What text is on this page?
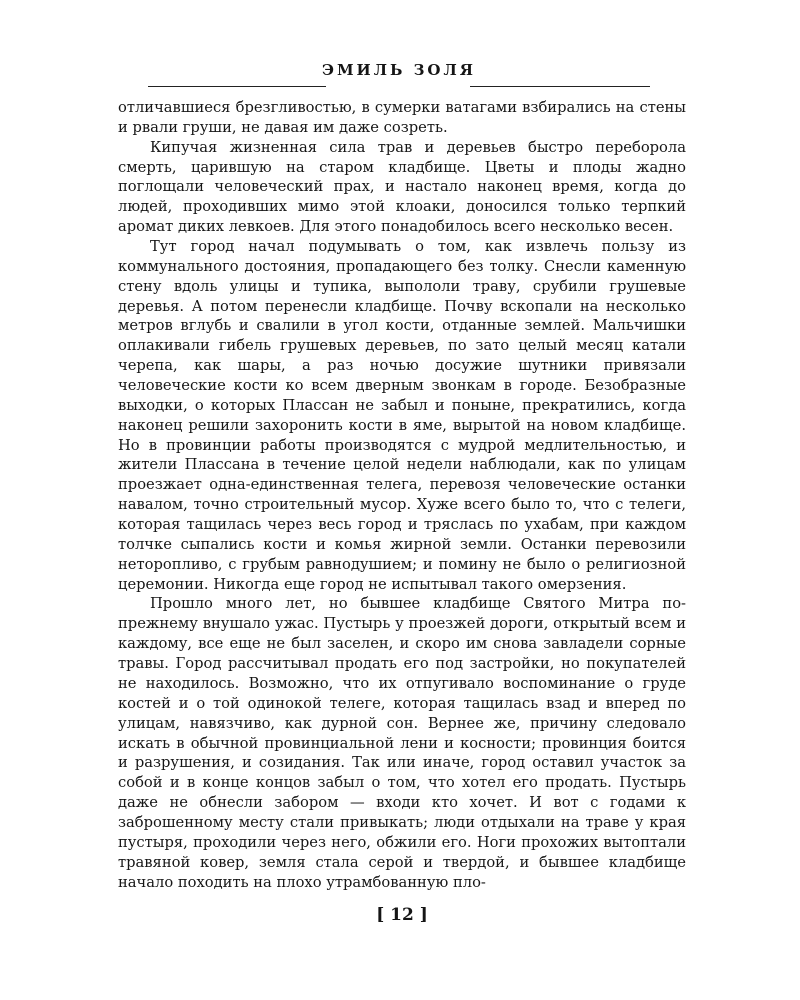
ЭМИЛЬ ЗОЛЯ

отличавшиеся брезгливостью, в сумерки ватагами взбирались на стены и рвали груши, не давая им даже созреть.

Кипучая жизненная сила трав и деревьев быстро переборола смерть, царившую на старом кладбище. Цветы и плоды жадно поглощали человеческий прах, и настало наконец время, когда до людей, проходивших мимо этой клоаки, доносился только терпкий аромат диких левкоев. Для этого понадобилось всего несколько весен.

Тут город начал подумывать о том, как извлечь пользу из коммунального достояния, пропадающего без толку. Снесли каменную стену вдоль улицы и тупика, выпололи траву, срубили грушевые деревья. А потом перенесли кладбище. Почву вскопали на несколько метров вглубь и свалили в угол кости, отданные землей. Мальчишки оплакивали гибель грушевых деревьев, по зато целый месяц катали черепа, как шары, а раз ночью досужие шутники привязали человеческие кости ко всем дверным звонкам в городе. Безобразные выходки, о которых Плассан не забыл и поныне, прекратились, когда наконец решили захоронить кости в яме, вырытой на новом кладбище. Но в провинции работы производятся с мудрой медлительностью, и жители Плассана в течение целой недели наблюдали, как по улицам проезжает одна-единственная телега, перевозя человеческие останки навалом, точно строительный мусор. Хуже всего было то, что с телеги, которая тащилась через весь город и тряслась по ухабам, при каждом толчке сыпались кости и комья жирной земли. Останки перевозили неторопливо, с грубым равнодушием; и помину не было о религиозной церемонии. Никогда еще город не испытывал такого омерзения.

Прошло много лет, но бывшее кладбище Святого Митра по-прежнему внушало ужас. Пустырь у проезжей дороги, открытый всем и каждому, все еще не был заселен, и скоро им снова завладели сорные травы. Город рассчитывал продать его под застройки, но покупателей не находилось. Возможно, что их отпугивало воспоминание о груде костей и о той одинокой телеге, которая тащилась взад и вперед по улицам, навязчиво, как дурной сон. Вернее же, причину следовало искать в обычной провинциальной лени и косности; провинция боится и разрушения, и созидания. Так или иначе, город оставил участок за собой и в конце концов забыл о том, что хотел его продать. Пустырь даже не обнесли забором — входи кто хочет. И вот с годами к заброшенному месту стали привыкать; люди отдыхали на траве у края пустыря, проходили через него, обжили его. Ноги прохожих вытоптали травяной ковер, земля стала серой и твердой, и бывшее кладбище начало походить на плохо утрамбованную пло-

[ 12 ]
